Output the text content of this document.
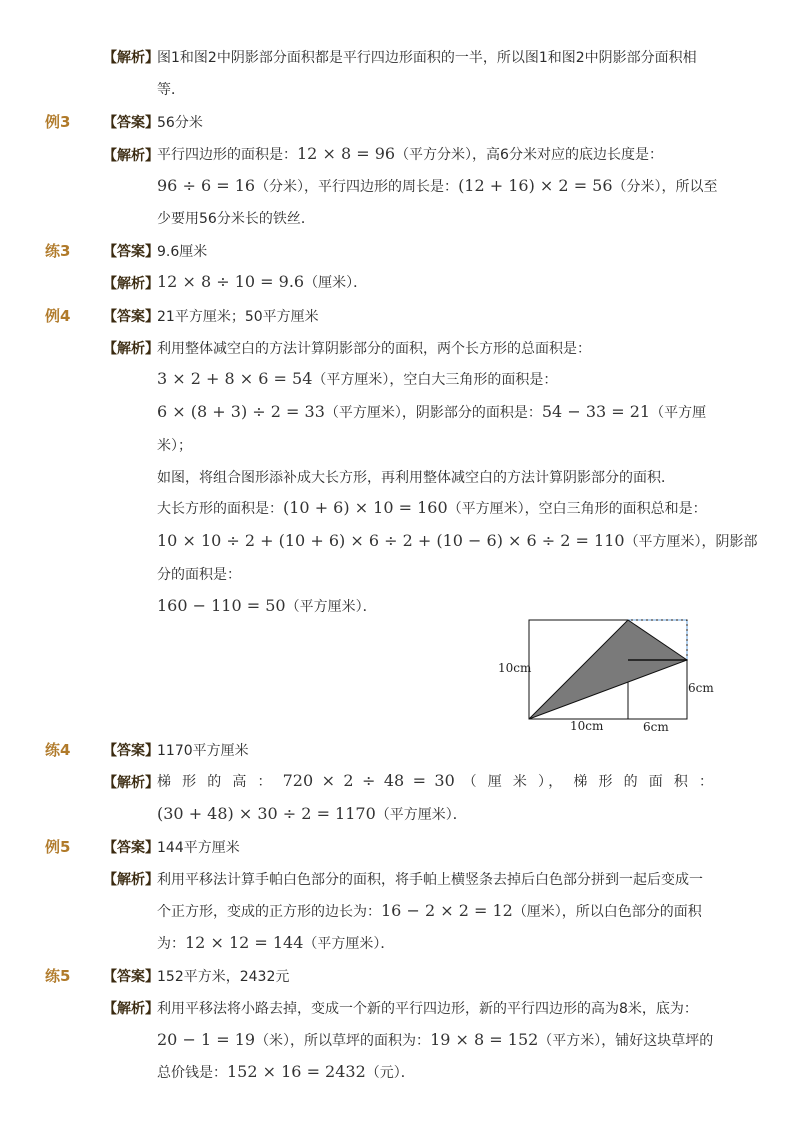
【解析】
图1和图2中阴影部分面积都是平行四边形面积的一半，所以图1和图2中阴影部分面积相
等．
例3 【答案】
56分米
【解析】
平行四边形的面积是：12 × 8 = 96（平方分米），高6分米对应的底边长度是：
96 ÷ 6 = 16（分米），平行四边形的周长是：(12 + 16) × 2 = 56（分米），所以至
少要用56分米长的铁丝．
练3 【答案】
9.6厘米
【解析】
12 × 8 ÷ 10 = 9.6（厘米）．
例4 【答案】
21平方厘米；50平方厘米
【解析】
利用整体减空白的方法计算阴影部分的面积，两个长方形的总面积是：
3 × 2 + 8 × 6 = 54（平方厘米），空白大三角形的面积是：
6 × (8 + 3) ÷ 2 = 33（平方厘米），阴影部分的面积是：54 − 33 = 21（平方厘
米）；
如图，将组合图形添补成大长方形，再利用整体减空白的方法计算阴影部分的面积．
大长方形的面积是：(10 + 6) × 10 = 160（平方厘米），空白三角形的面积总和是：
10 × 10 ÷ 2 + (10 + 6) × 6 ÷ 2 + (10 − 6) × 6 ÷ 2 = 110（平方厘米），阴影部
分的面积是：
160 − 110 = 50（平方厘米）．
10cm
10cm	6cm
6cm
练4 【答案】
1170平方厘米
【解析】
梯 形 的 高 ： 720 × 2 ÷ 48 = 30 （ 厘 米 ）， 梯 形 的 面 积 ：
(30 + 48) × 30 ÷ 2 = 1170（平方厘米）．
例5 【答案】
144平方厘米
【解析】
利用平移法计算手帕白色部分的面积，将手帕上横竖条去掉后白色部分拼到一起后变成一
个正方形，变成的正方形的边长为：16 − 2 × 2 = 12（厘米），所以白色部分的面积
为：12 × 12 = 144（平方厘米）．
练5 【答案】
152平方米，2432元
【解析】
利用平移法将小路去掉，变成一个新的平行四边形，新的平行四边形的高为8米，底为：
20 − 1 = 19（米），所以草坪的面积为：19 × 8 = 152（平方米），铺好这块草坪的
总价钱是：152 × 16 = 2432（元）．
